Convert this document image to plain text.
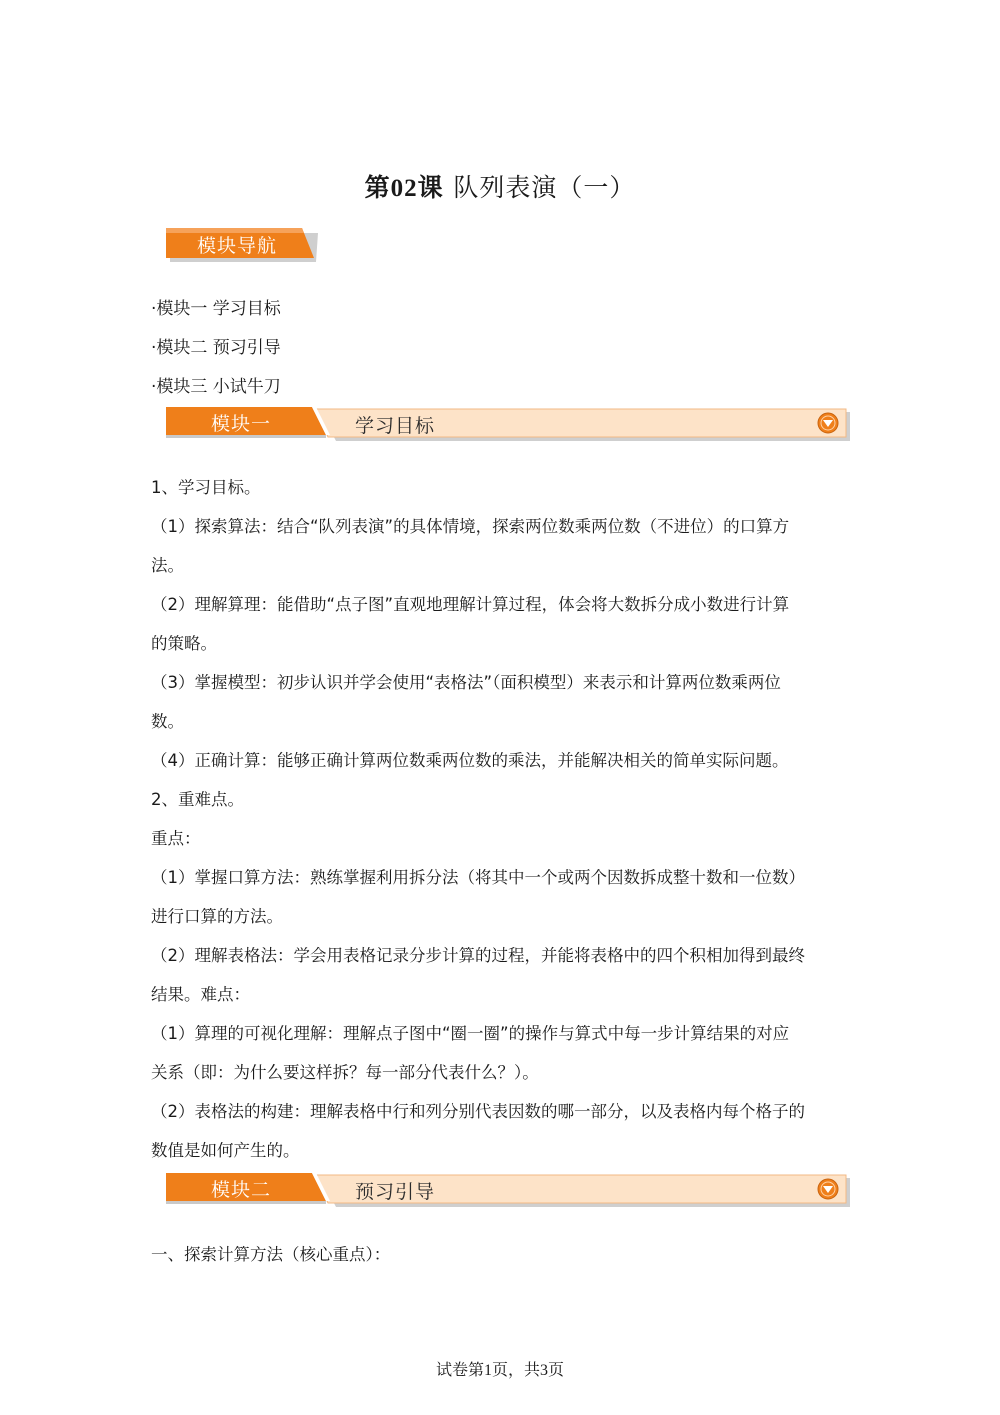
第02课 队列表演（一）
模块导航
·模块一 学习目标
·模块二 预习引导
·模块三 小试牛刀
模块一	学习目标
1、学习目标。
（1）探索算法：结合“队列表演”的具体情境，探索两位数乘两位数（不进位）的口算方
法。
（2）理解算理：能借助“点子图”直观地理解计算过程，体会将大数拆分成小数进行计算
的策略。
（3）掌握模型：初步认识并学会使用“表格法”（面积模型）来表示和计算两位数乘两位
数。
（4）正确计算：能够正确计算两位数乘两位数的乘法，并能解决相关的简单实际问题。
2、重难点。
重点：
（1）掌握口算方法：熟练掌握利用拆分法（将其中一个或两个因数拆成整十数和一位数）
进行口算的方法。
（2）理解表格法：学会用表格记录分步计算的过程，并能将表格中的四个积相加得到最终
结果。难点：
（1）算理的可视化理解：理解点子图中“圈一圈”的操作与算式中每一步计算结果的对应
关系（即：为什么要这样拆？每一部分代表什么？）。
（2）表格法的构建：理解表格中行和列分别代表因数的哪一部分，以及表格内每个格子的
数值是如何产生的。
模块二	预习引导
一、探索计算方法（核心重点）：
试卷第1页，共3页
